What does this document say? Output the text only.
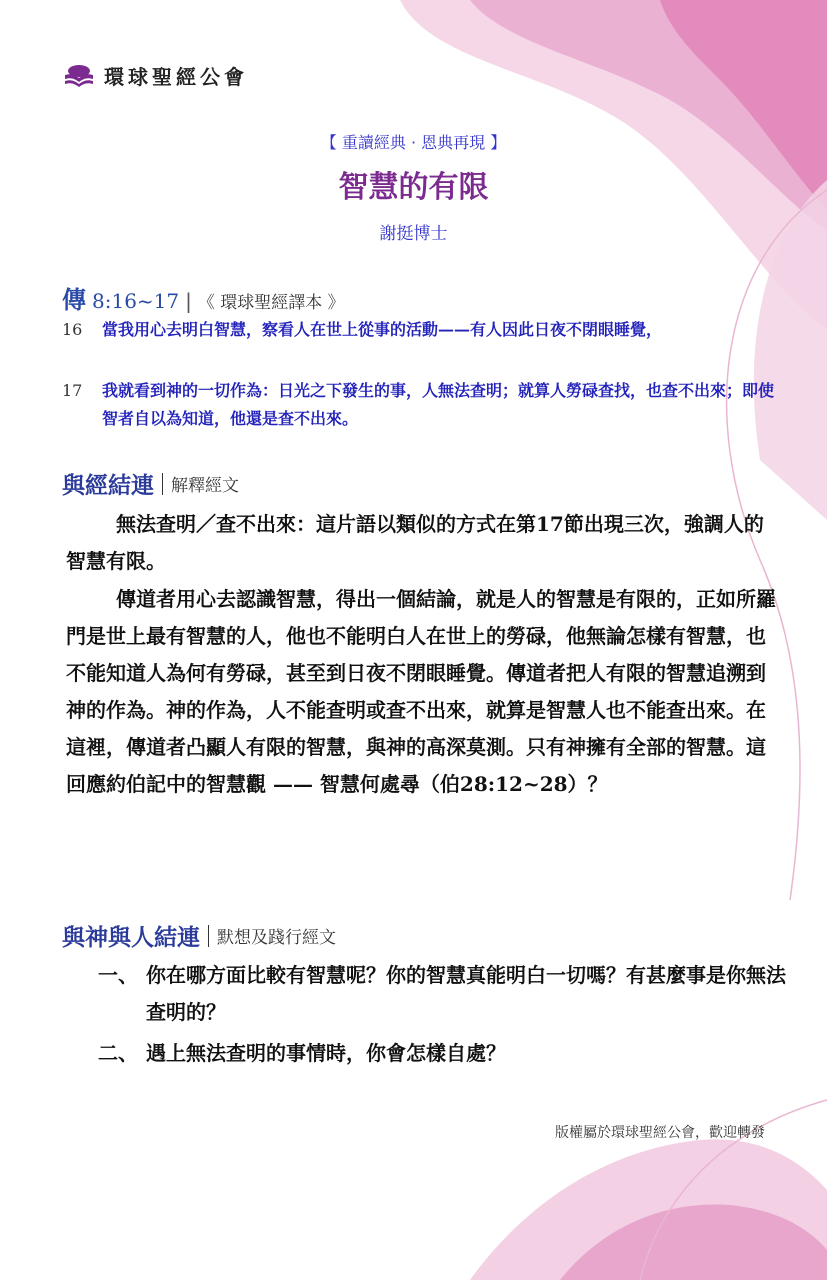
環球聖經公會
【 重讀經典 · 恩典再現 】
智慧的有限
謝挺博士
傳 8:16~17 | 《 環球聖經譯本 》
16	當我用心去明白智慧，察看人在世上從事的活動——有人因此日夜不閉眼睡覺，
17	我就看到神的一切作為：日光之下發生的事，人無法查明；就算人勞碌查找，也查不出來；即使智者自以為知道，他還是查不出來。
與經結連 解釋經文
無法查明／查不出來：這片語以類似的方式在第17節出現三次，強調人的智慧有限。
傳道者用心去認識智慧，得出一個結論，就是人的智慧是有限的，正如所羅門是世上最有智慧的人，他也不能明白人在世上的勞碌，他無論怎樣有智慧，也不能知道人為何有勞碌，甚至到日夜不閉眼睡覺。傳道者把人有限的智慧追溯到神的作為。神的作為，人不能查明或查不出來，就算是智慧人也不能查出來。在這裡，傳道者凸顯人有限的智慧，與神的高深莫測。只有神擁有全部的智慧。這回應約伯記中的智慧觀 —— 智慧何處尋（伯28:12~28）？
與神與人結連 默想及踐行經文
一、 你在哪方面比較有智慧呢？你的智慧真能明白一切嗎？有甚麼事是你無法查明的？
二、 遇上無法查明的事情時，你會怎樣自處？
版權屬於環球聖經公會，歡迎轉發
